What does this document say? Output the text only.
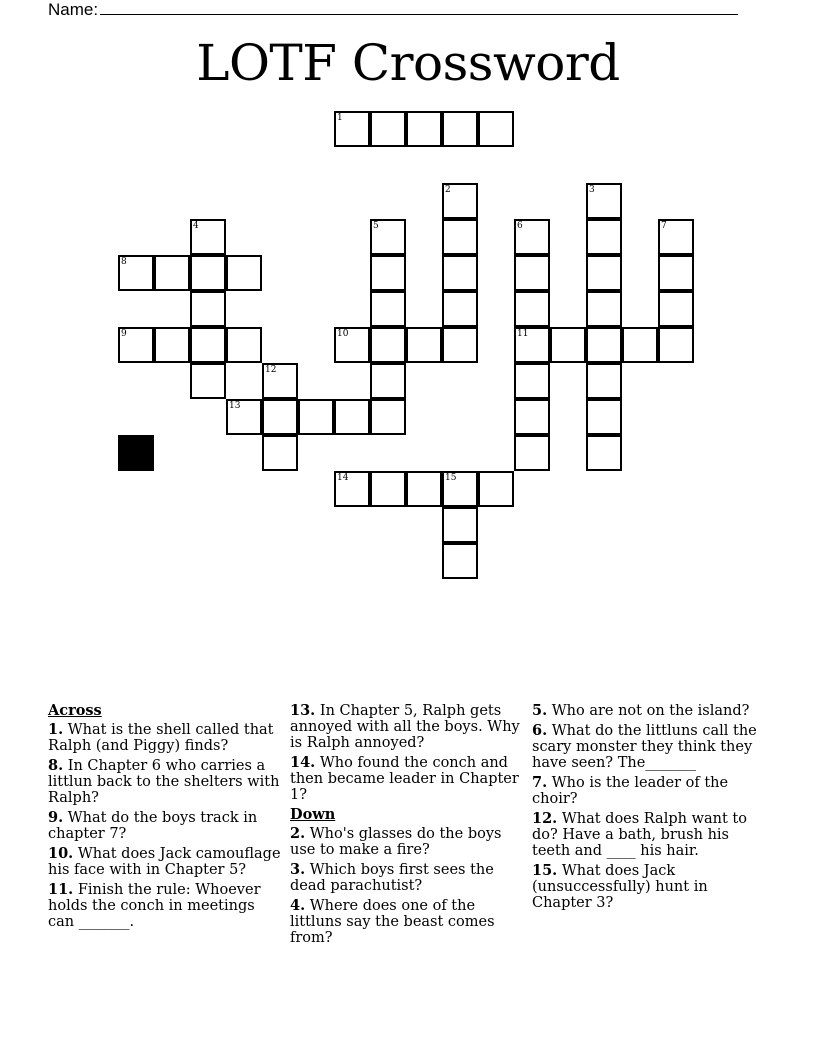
Name:
LOTF Crossword
1
2	3
4	5	6
11
7
8
9	10
12
13
14	15
Across
1. What is the shell called that Ralph (and Piggy) finds?
8. In Chapter 6 who carries a littlun back to the shelters with Ralph?
9. What do the boys track in chapter 7?
10. What does Jack camouflage his face with in Chapter 5?
11. Finish the rule: Whoever holds the conch in meetings can _______.
13. In Chapter 5, Ralph gets annoyed with all the boys. Why is Ralph annoyed?
14. Who found the conch and then became leader in Chapter 1?
Down
2. Who's glasses do the boys use to make a fire?
3. Which boys first sees the dead parachutist?
4. Where does one of the littluns say the beast comes from?
5. Who are not on the island?
6. What do the littluns call the scary monster they think they have seen? The_______
7. Who is the leader of the choir?
12. What does Ralph want to do? Have a bath, brush his teeth and ____ his hair.
15. What does Jack (unsuccessfully) hunt in Chapter 3?
